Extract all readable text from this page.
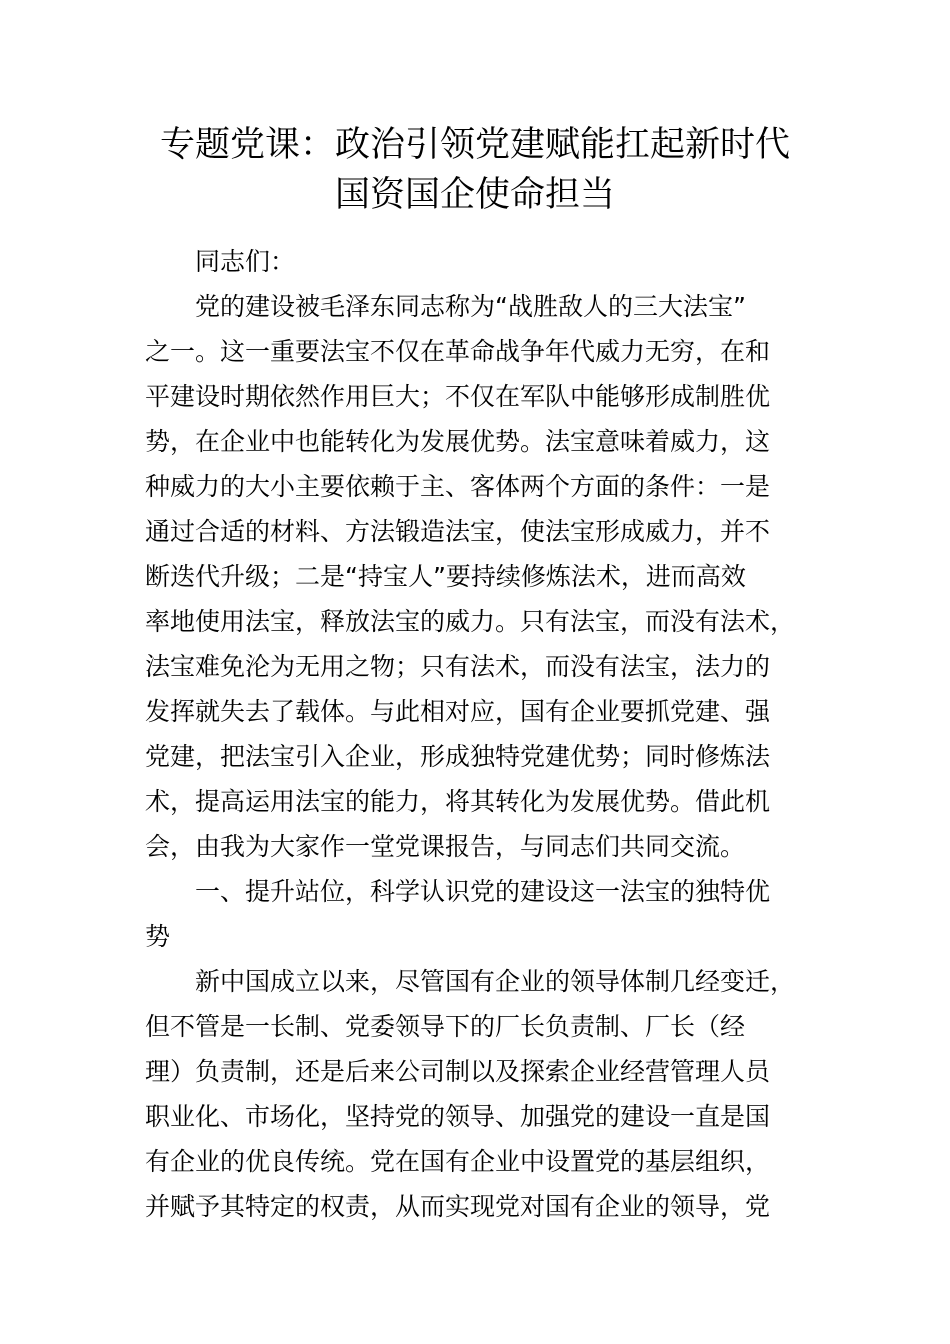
专题党课：政治引领党建赋能扛起新时代
国资国企使命担当
同志们：
党的建设被毛泽东同志称为“战胜敌人的三大法宝”
之一。这一重要法宝不仅在革命战争年代威力无穷，在和
平建设时期依然作用巨大；不仅在军队中能够形成制胜优
势，在企业中也能转化为发展优势。法宝意味着威力，这
种威力的大小主要依赖于主、客体两个方面的条件：一是
通过合适的材料、方法锻造法宝，使法宝形成威力，并不
断迭代升级；二是“持宝人”要持续修炼法术，进而高效
率地使用法宝，释放法宝的威力。只有法宝，而没有法术，
法宝难免沦为无用之物；只有法术，而没有法宝，法力的
发挥就失去了载体。与此相对应，国有企业要抓党建、强
党建，把法宝引入企业，形成独特党建优势；同时修炼法
术，提高运用法宝的能力，将其转化为发展优势。借此机
会，由我为大家作一堂党课报告，与同志们共同交流。
一、提升站位，科学认识党的建设这一法宝的独特优
势
新中国成立以来，尽管国有企业的领导体制几经变迁，
但不管是一长制、党委领导下的厂长负责制、厂长（经
理）负责制，还是后来公司制以及探索企业经营管理人员
职业化、市场化，坚持党的领导、加强党的建设一直是国
有企业的优良传统。党在国有企业中设置党的基层组织，
并赋予其特定的权责，从而实现党对国有企业的领导，党
